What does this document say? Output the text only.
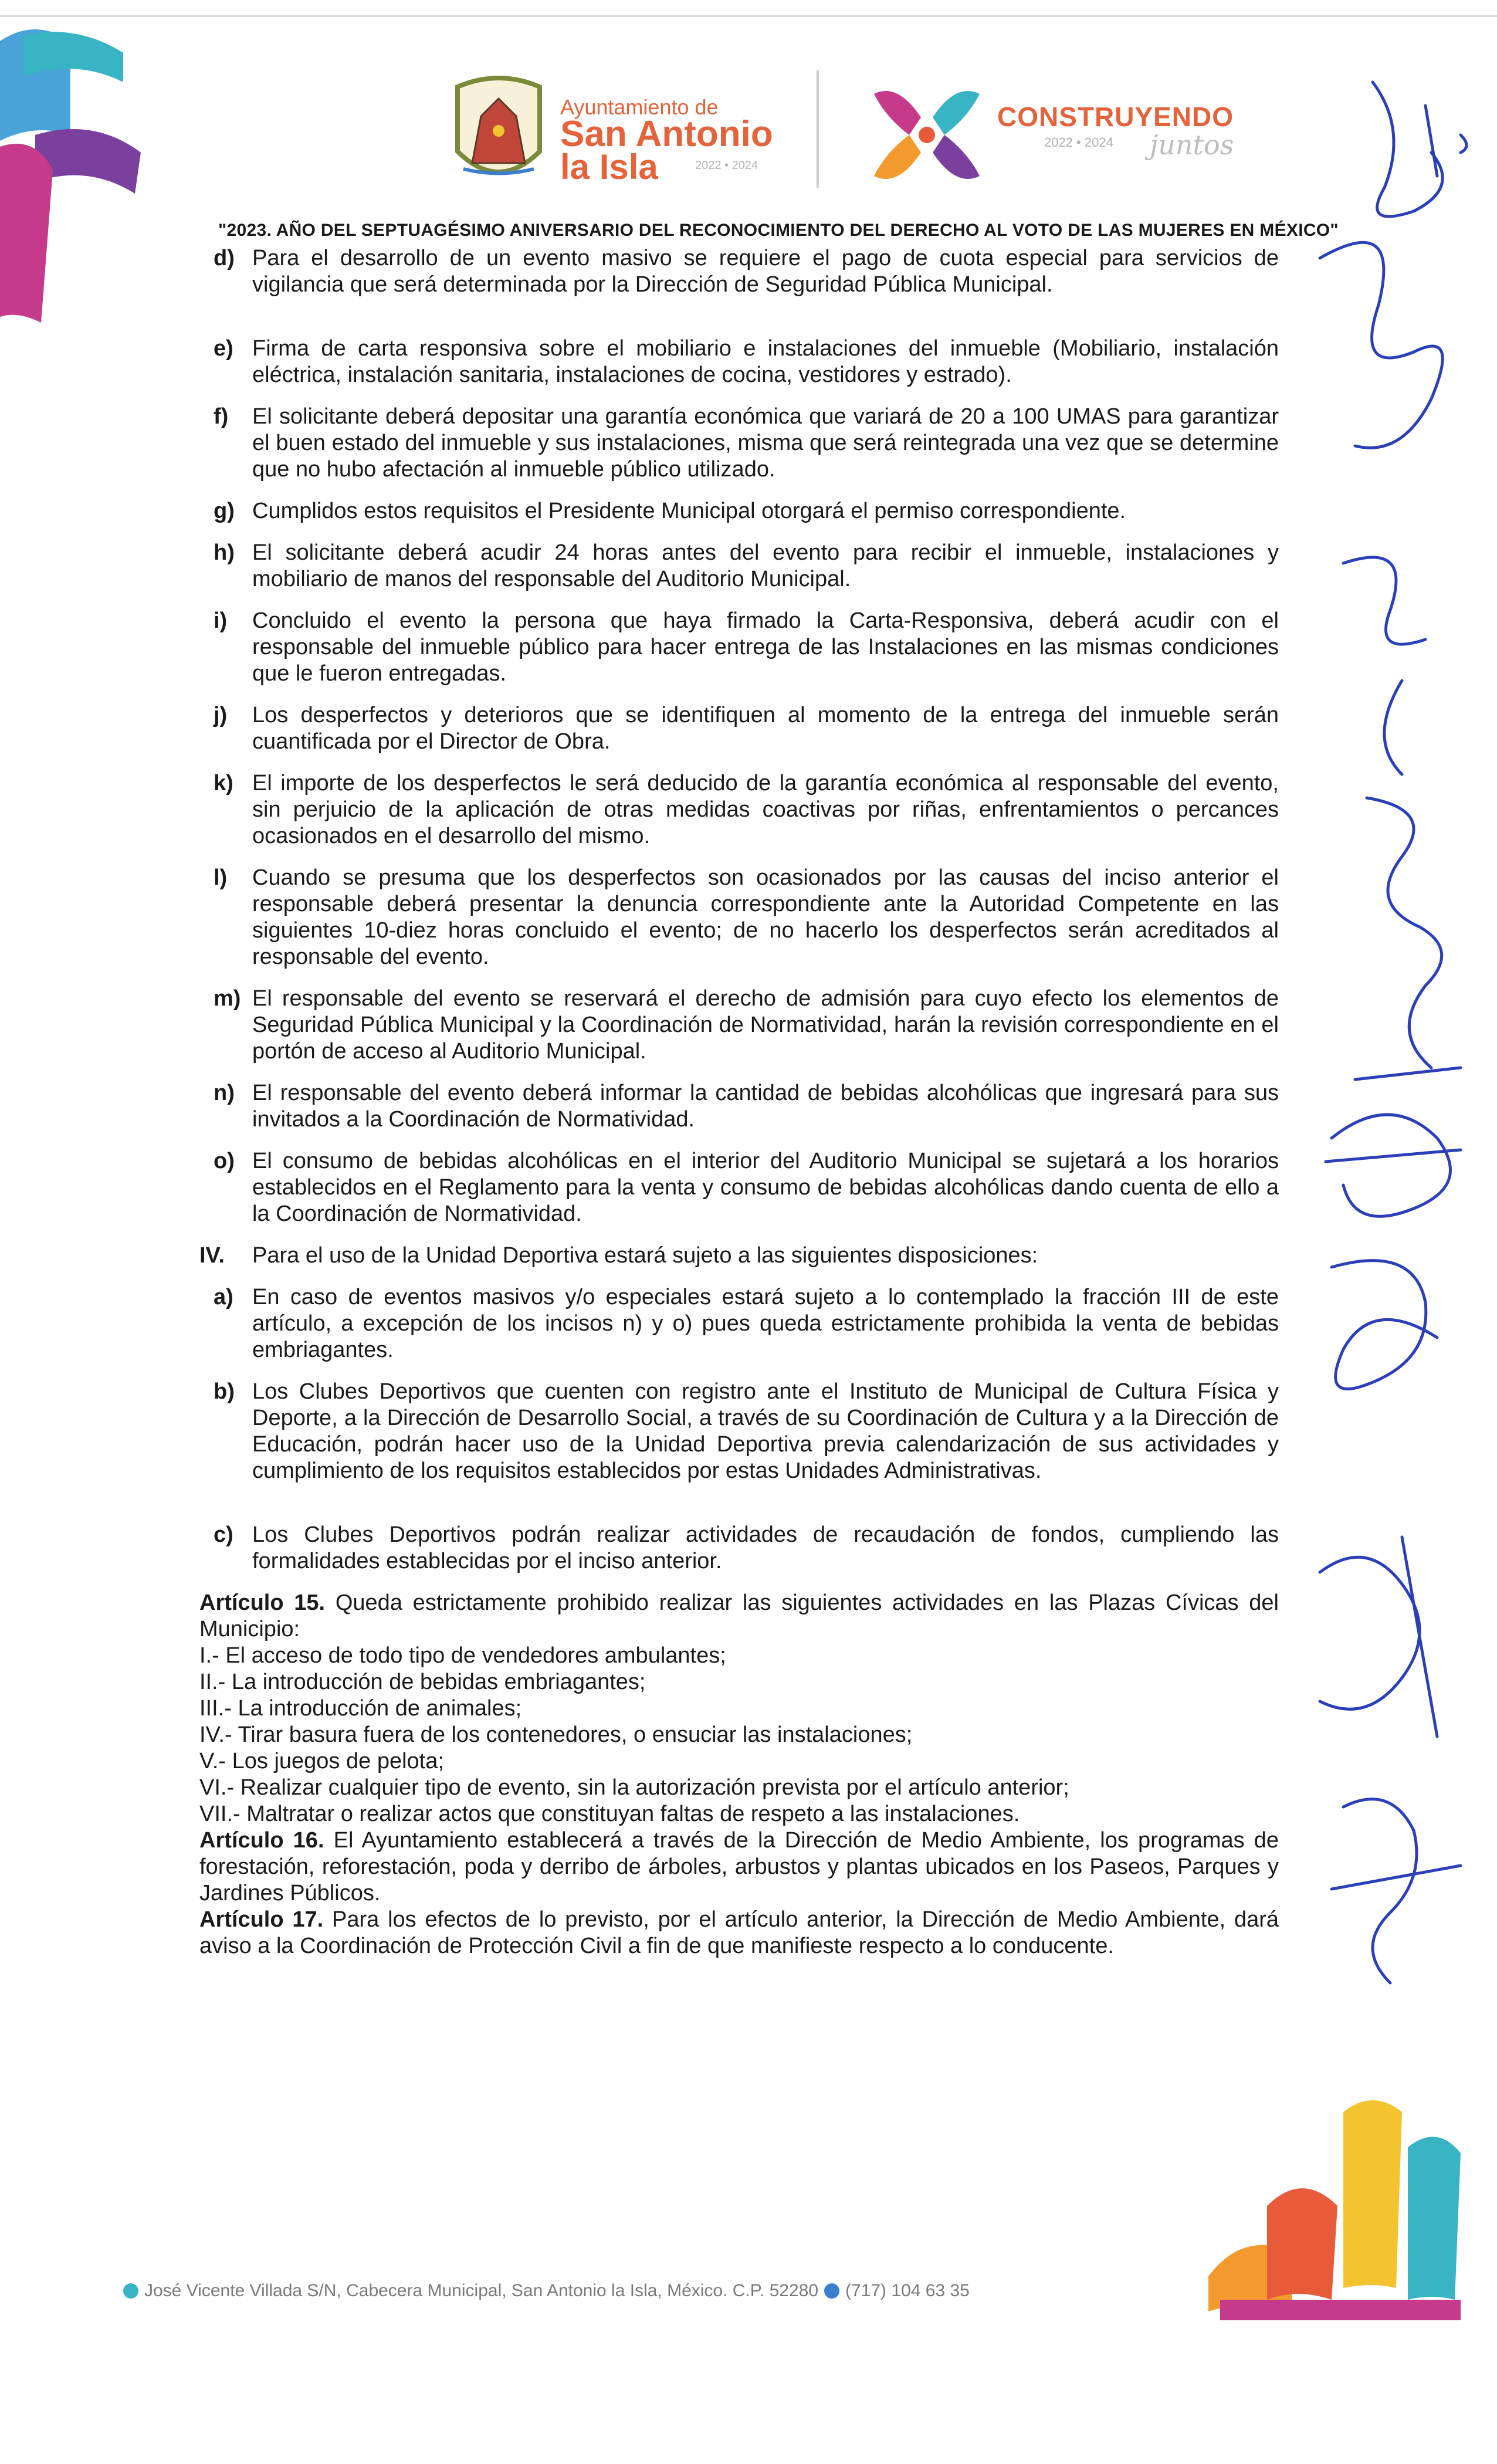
Ayuntamiento de
San Antonio
la Isla	2022 • 2024
CONSTRUYENDO
2022 • 2024 juntos
"2023. AÑO DEL SEPTUAGÉSIMO ANIVERSARIO DEL RECONOCIMIENTO DEL DERECHO AL VOTO DE LAS MUJERES EN MÉXICO"
d) Para el desarrollo de un evento masivo se requiere el pago de cuota especial para servicios de vigilancia que será determinada por la Dirección de Seguridad Pública Municipal.
e) Firma de carta responsiva sobre el mobiliario e instalaciones del inmueble (Mobiliario, instalación eléctrica, instalación sanitaria, instalaciones de cocina, vestidores y estrado).
f)	El solicitante deberá depositar una garantía económica que variará de 20 a 100 UMAS para garantizar el buen estado del inmueble y sus instalaciones, misma que será reintegrada una vez que se determine que no hubo afectación al inmueble público utilizado.
g) Cumplidos estos requisitos el Presidente Municipal otorgará el permiso correspondiente.
h) El solicitante deberá acudir 24 horas antes del evento para recibir el inmueble, instalaciones y mobiliario de manos del responsable del Auditorio Municipal.
i)	Concluido el evento la persona que haya firmado la Carta-Responsiva, deberá acudir con el responsable del inmueble público para hacer entrega de las Instalaciones en las mismas condiciones que le fueron entregadas.
j)	Los desperfectos y deterioros que se identifiquen al momento de la entrega del inmueble serán cuantificada por el Director de Obra.
k) El importe de los desperfectos le será deducido de la garantía económica al responsable del evento, sin perjuicio de la aplicación de otras medidas coactivas por riñas, enfrentamientos o percances ocasionados en el desarrollo del mismo.
l)	Cuando se presuma que los desperfectos son ocasionados por las causas del inciso anterior el responsable deberá presentar la denuncia correspondiente ante la Autoridad Competente en las siguientes 10-diez horas concluido el evento; de no hacerlo los desperfectos serán acreditados al responsable del evento.
m) El responsable del evento se reservará el derecho de admisión para cuyo efecto los elementos de Seguridad Pública Municipal y la Coordinación de Normatividad, harán la revisión correspondiente en el portón de acceso al Auditorio Municipal.
n) El responsable del evento deberá informar la cantidad de bebidas alcohólicas que ingresará para sus invitados a la Coordinación de Normatividad.
o) El consumo de bebidas alcohólicas en el interior del Auditorio Municipal se sujetará a los horarios establecidos en el Reglamento para la venta y consumo de bebidas alcohólicas dando cuenta de ello a la Coordinación de Normatividad.
IV.	Para el uso de la Unidad Deportiva estará sujeto a las siguientes disposiciones:
a) En caso de eventos masivos y/o especiales estará sujeto a lo contemplado la fracción III de este artículo, a excepción de los incisos n) y o) pues queda estrictamente prohibida la venta de bebidas embriagantes.
b) Los Clubes Deportivos que cuenten con registro ante el Instituto de Municipal de Cultura Física y Deporte, a la Dirección de Desarrollo Social, a través de su Coordinación de Cultura y a la Dirección de Educación, podrán hacer uso de la Unidad Deportiva previa calendarización de sus actividades y cumplimiento de los requisitos establecidos por estas Unidades Administrativas.
c) Los Clubes Deportivos podrán realizar actividades de recaudación de fondos, cumpliendo las formalidades establecidas por el inciso anterior.

Artículo 15. Queda estrictamente prohibido realizar las siguientes actividades en las Plazas Cívicas del Municipio:

I.- El acceso de todo tipo de vendedores ambulantes;

II.- La introducción de bebidas embriagantes;

III.- La introducción de animales;

IV.- Tirar basura fuera de los contenedores, o ensuciar las instalaciones;

V.- Los juegos de pelota;

VI.- Realizar cualquier tipo de evento, sin la autorización prevista por el artículo anterior;

VII.- Maltratar o realizar actos que constituyan faltas de respeto a las instalaciones.

Artículo 16. El Ayuntamiento establecerá a través de la Dirección de Medio Ambiente, los programas de forestación, reforestación, poda y derribo de árboles, arbustos y plantas ubicados en los Paseos, Parques y Jardines Públicos.

Artículo 17. Para los efectos de lo previsto, por el artículo anterior, la Dirección de Medio Ambiente, dará aviso a la Coordinación de Protección Civil a fin de que manifieste respecto a lo conducente.

José Vicente Villada S/N, Cabecera Municipal, San Antonio la Isla, México. C.P. 52280 (717) 104 63 35
